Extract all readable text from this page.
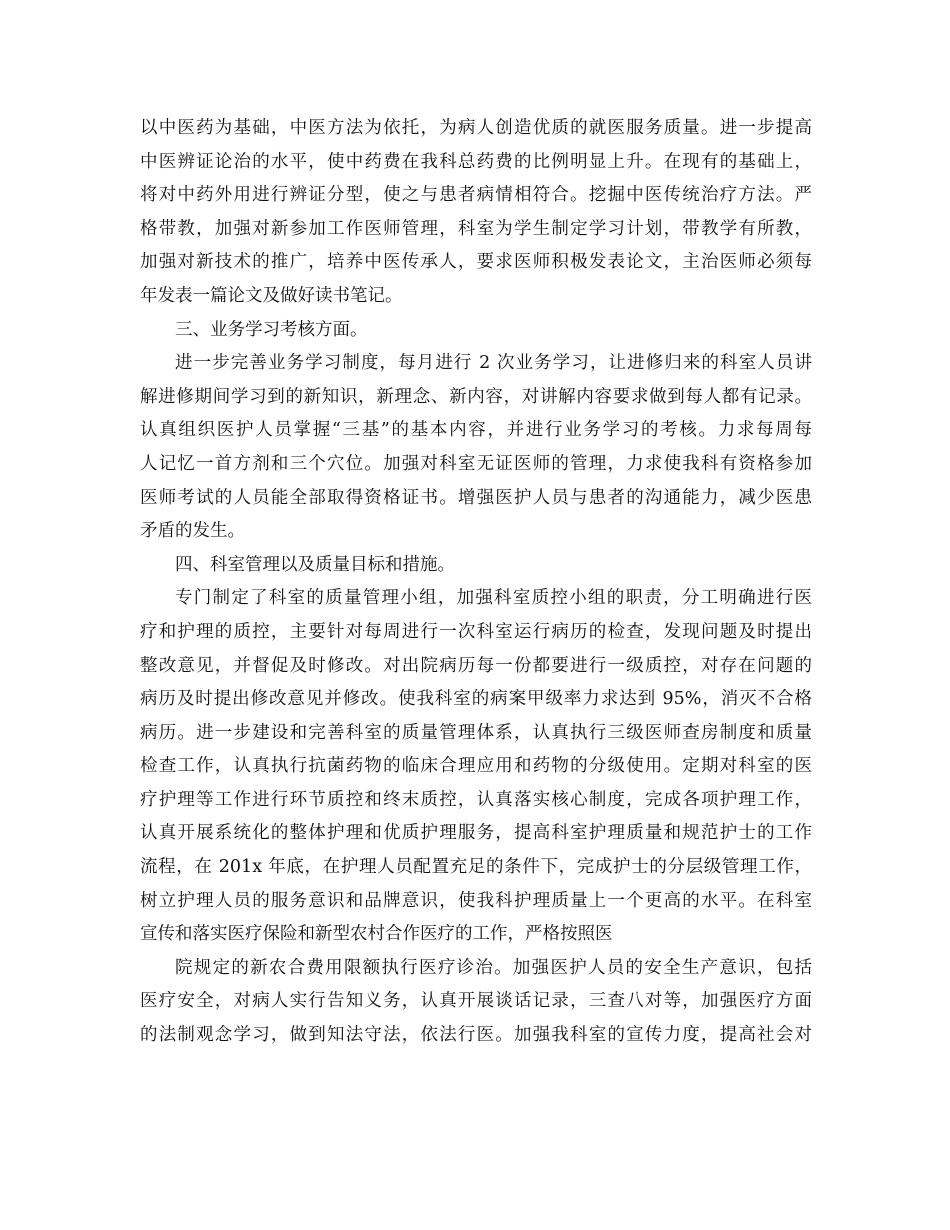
以中医药为基础，中医方法为依托，为病人创造优质的就医服务质量。进一步提高
中医辨证论治的水平，使中药费在我科总药费的比例明显上升。在现有的基础上，
将对中药外用进行辨证分型，使之与患者病情相符合。挖掘中医传统治疗方法。严
格带教，加强对新参加工作医师管理，科室为学生制定学习计划，带教学有所教，
加强对新技术的推广，培养中医传承人，要求医师积极发表论文，主治医师必须每
年发表一篇论文及做好读书笔记。
三、业务学习考核方面。
进一步完善业务学习制度，每月进行 2 次业务学习，让进修归来的科室人员讲
解进修期间学习到的新知识，新理念、新内容，对讲解内容要求做到每人都有记录。
认真组织医护人员掌握“三基”的基本内容，并进行业务学习的考核。力求每周每
人记忆一首方剂和三个穴位。加强对科室无证医师的管理，力求使我科有资格参加
医师考试的人员能全部取得资格证书。增强医护人员与患者的沟通能力，减少医患
矛盾的发生。
四、科室管理以及质量目标和措施。
专门制定了科室的质量管理小组，加强科室质控小组的职责，分工明确进行医
疗和护理的质控，主要针对每周进行一次科室运行病历的检查，发现问题及时提出
整改意见，并督促及时修改。对出院病历每一份都要进行一级质控，对存在问题的
病历及时提出修改意见并修改。使我科室的病案甲级率力求达到 95%，消灭不合格
病历。进一步建设和完善科室的质量管理体系，认真执行三级医师查房制度和质量
检查工作，认真执行抗菌药物的临床合理应用和药物的分级使用。定期对科室的医
疗护理等工作进行环节质控和终末质控，认真落实核心制度，完成各项护理工作，
认真开展系统化的整体护理和优质护理服务，提高科室护理质量和规范护士的工作
流程，在 201x 年底，在护理人员配置充足的条件下，完成护士的分层级管理工作，
树立护理人员的服务意识和品牌意识，使我科护理质量上一个更高的水平。在科室
宣传和落实医疗保险和新型农村合作医疗的工作，严格按照医
院规定的新农合费用限额执行医疗诊治。加强医护人员的安全生产意识，包括
医疗安全，对病人实行告知义务，认真开展谈话记录，三查八对等，加强医疗方面
的法制观念学习，做到知法守法，依法行医。加强我科室的宣传力度，提高社会对
